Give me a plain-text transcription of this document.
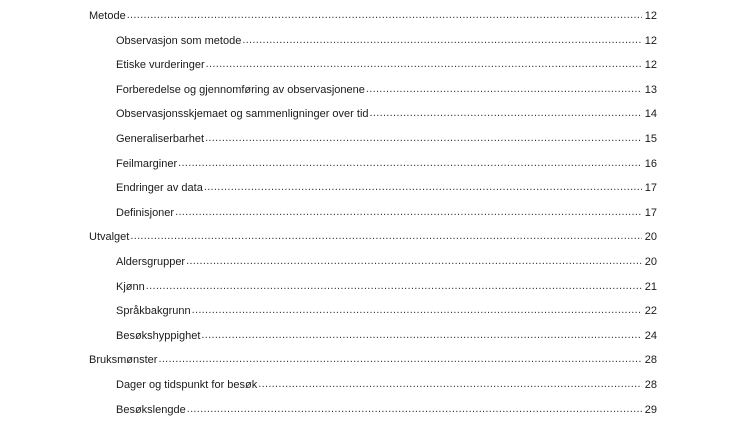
Metode .....	12
Observasjon som metode .....	12
Etiske vurderinger .....	12
Forberedelse og gjennomføring av observasjonene .....	13
Observasjonsskjemaet og sammenligninger over tid .....	14
Generaliserbarhet .....	15
Feilmarginer .....	16
Endringer av data .....	17
Definisjoner .....	17
Utvalget .....	20
Aldersgrupper .....	20
Kjønn .....	21
Språkbakgrunn .....	22
Besøkshyppighet .....	24
Bruksmønster .....	28
Dager og tidspunkt for besøk .....	28
Besøkslengde .....	29
